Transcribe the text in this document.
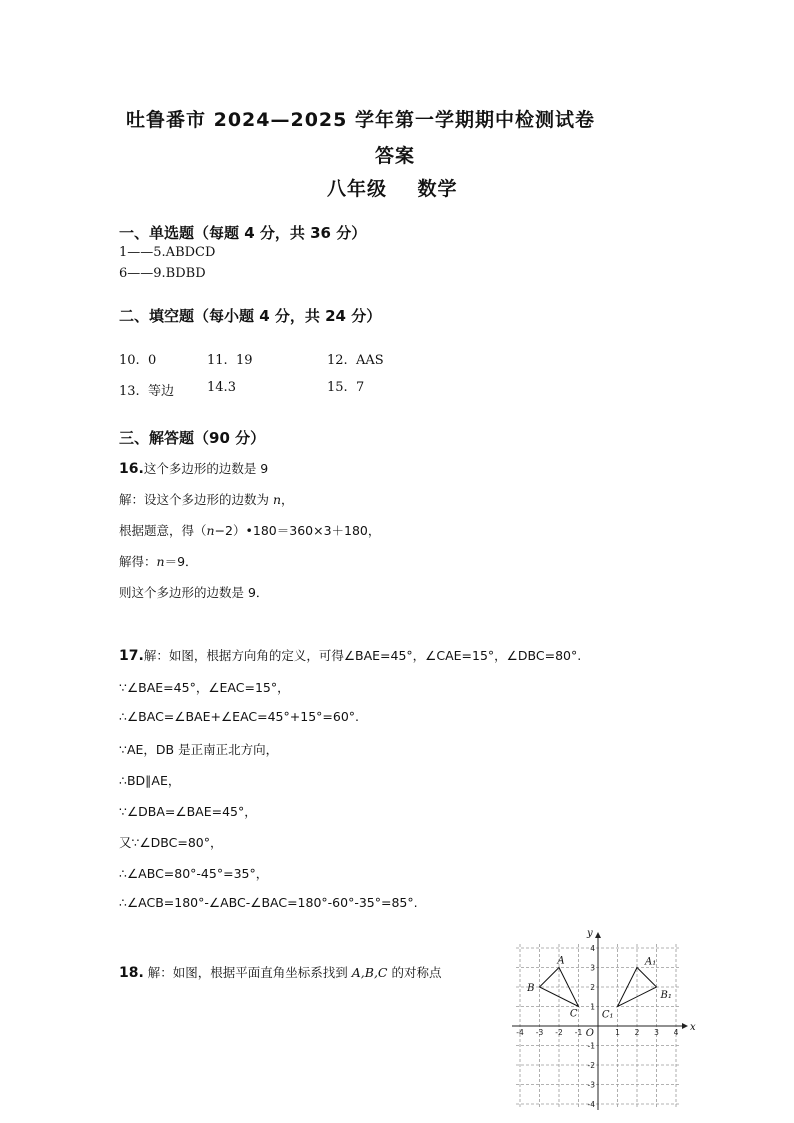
吐鲁番市 2024—2025 学年第一学期期中检测试卷
答案
八年级    数学
一、单选题（每题 4 分，共 36 分）
1——5.ABDCD
6——9.BDBD
二、填空题（每小题 4 分，共 24 分）
10. 0	11. 19	12. AAS
13. 等边	14.3	15. 7
三、解答题（90 分）
16.这个多边形的边数是 9
解：设这个多边形的边数为 n，
根据题意，得（n−2）•180＝360×3＋180，
解得：n＝9．
则这个多边形的边数是 9．
17.解：如图，根据方向角的定义，可得∠BAE=45°，∠CAE=15°，∠DBC=80°.
∵∠BAE=45°，∠EAC=15°，
∴∠BAC=∠BAE+∠EAC=45°+15°=60°.
∵AE，DB 是正南正北方向，
∴BD∥AE，
∵∠DBA=∠BAE=45°，
又∵∠DBC=80°，
∴∠ABC=80°-45°=35°，
∴∠ACB=180°-∠ABC-∠BAC=180°-60°-35°=85°.
18. 解：如图，根据平面直角坐标系找到 A,B,C 的对称点
x
y
-4 -3 -2 -1	1 2 3 4
4
3
2
1
-1
-2
-3
-4
O
A
B
C
A₁
B₁
C₁
